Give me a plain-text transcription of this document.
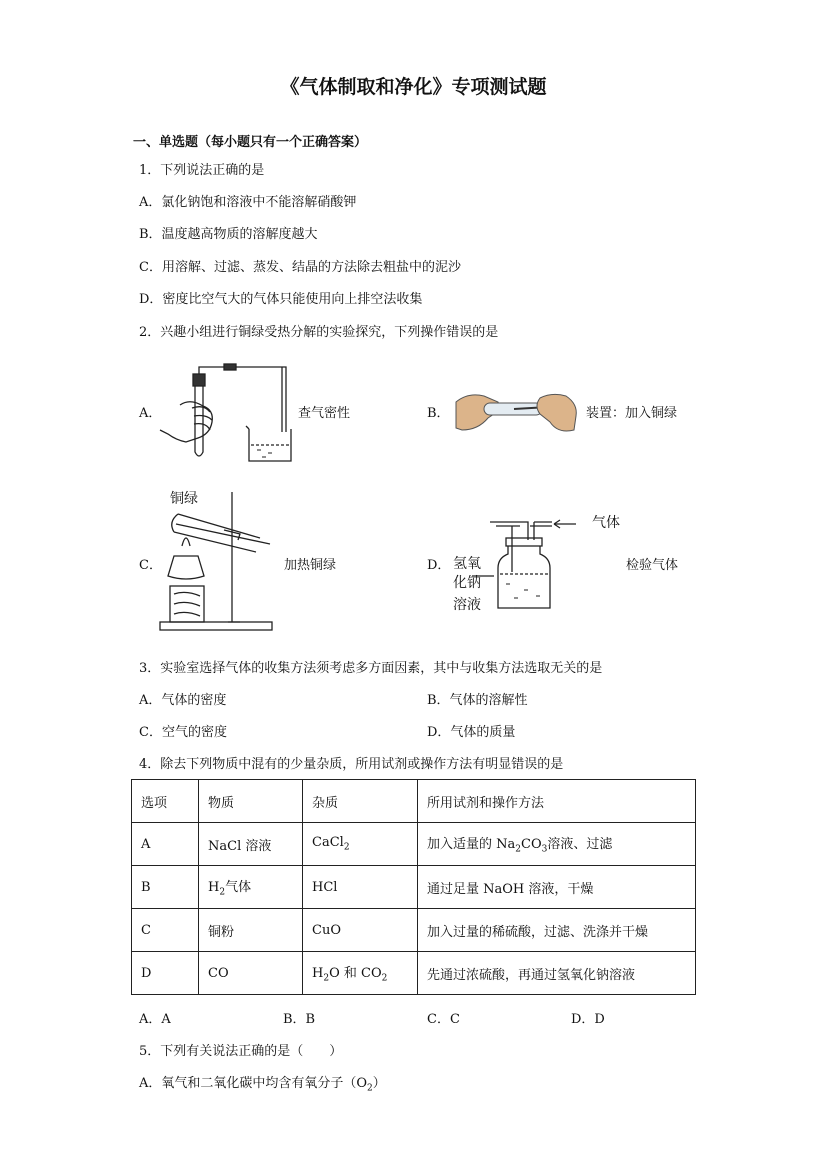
《气体制取和净化》专项测试题
一、单选题（每小题只有一个正确答案）
1．下列说法正确的是
A．氯化钠饱和溶液中不能溶解硝酸钾
B．温度越高物质的溶解度越大
C．用溶解、过滤、蒸发、结晶的方法除去粗盐中的泥沙
D．密度比空气大的气体只能使用向上排空法收集
2．兴趣小组进行铜绿受热分解的实验探究，下列操作错误的是
A．	查气密性	B．	装置：加入铜绿
C．
铜绿
加热铜绿	D．
气体
氢氧
化钠
溶液
检验气体
3．实验室选择气体的收集方法须考虑多方面因素，其中与收集方法选取无关的是
A．气体的密度	B．气体的溶解性
C．空气的密度	D．气体的质量
4．除去下列物质中混有的少量杂质，所用试剂或操作方法有明显错误的是
选项	物质	杂质	所用试剂和操作方法
A	NaCl 溶液	CaCl$_2$	加入适量的 $Na_2CO_3$溶液、过滤
B	$H_2$气体	HCl	通过足量 NaOH 溶液，干燥
C	铜粉	CuO	加入过量的稀硫酸，过滤、洗涤并干燥
D	CO	$H_2O$ 和 $CO_2$	先通过浓硫酸，再通过氢氧化钠溶液
A．A	B．B	C．C	D．D
5．下列有关说法正确的是（　　）
A．氧气和二氧化碳中均含有氧分子$(O_2)$
